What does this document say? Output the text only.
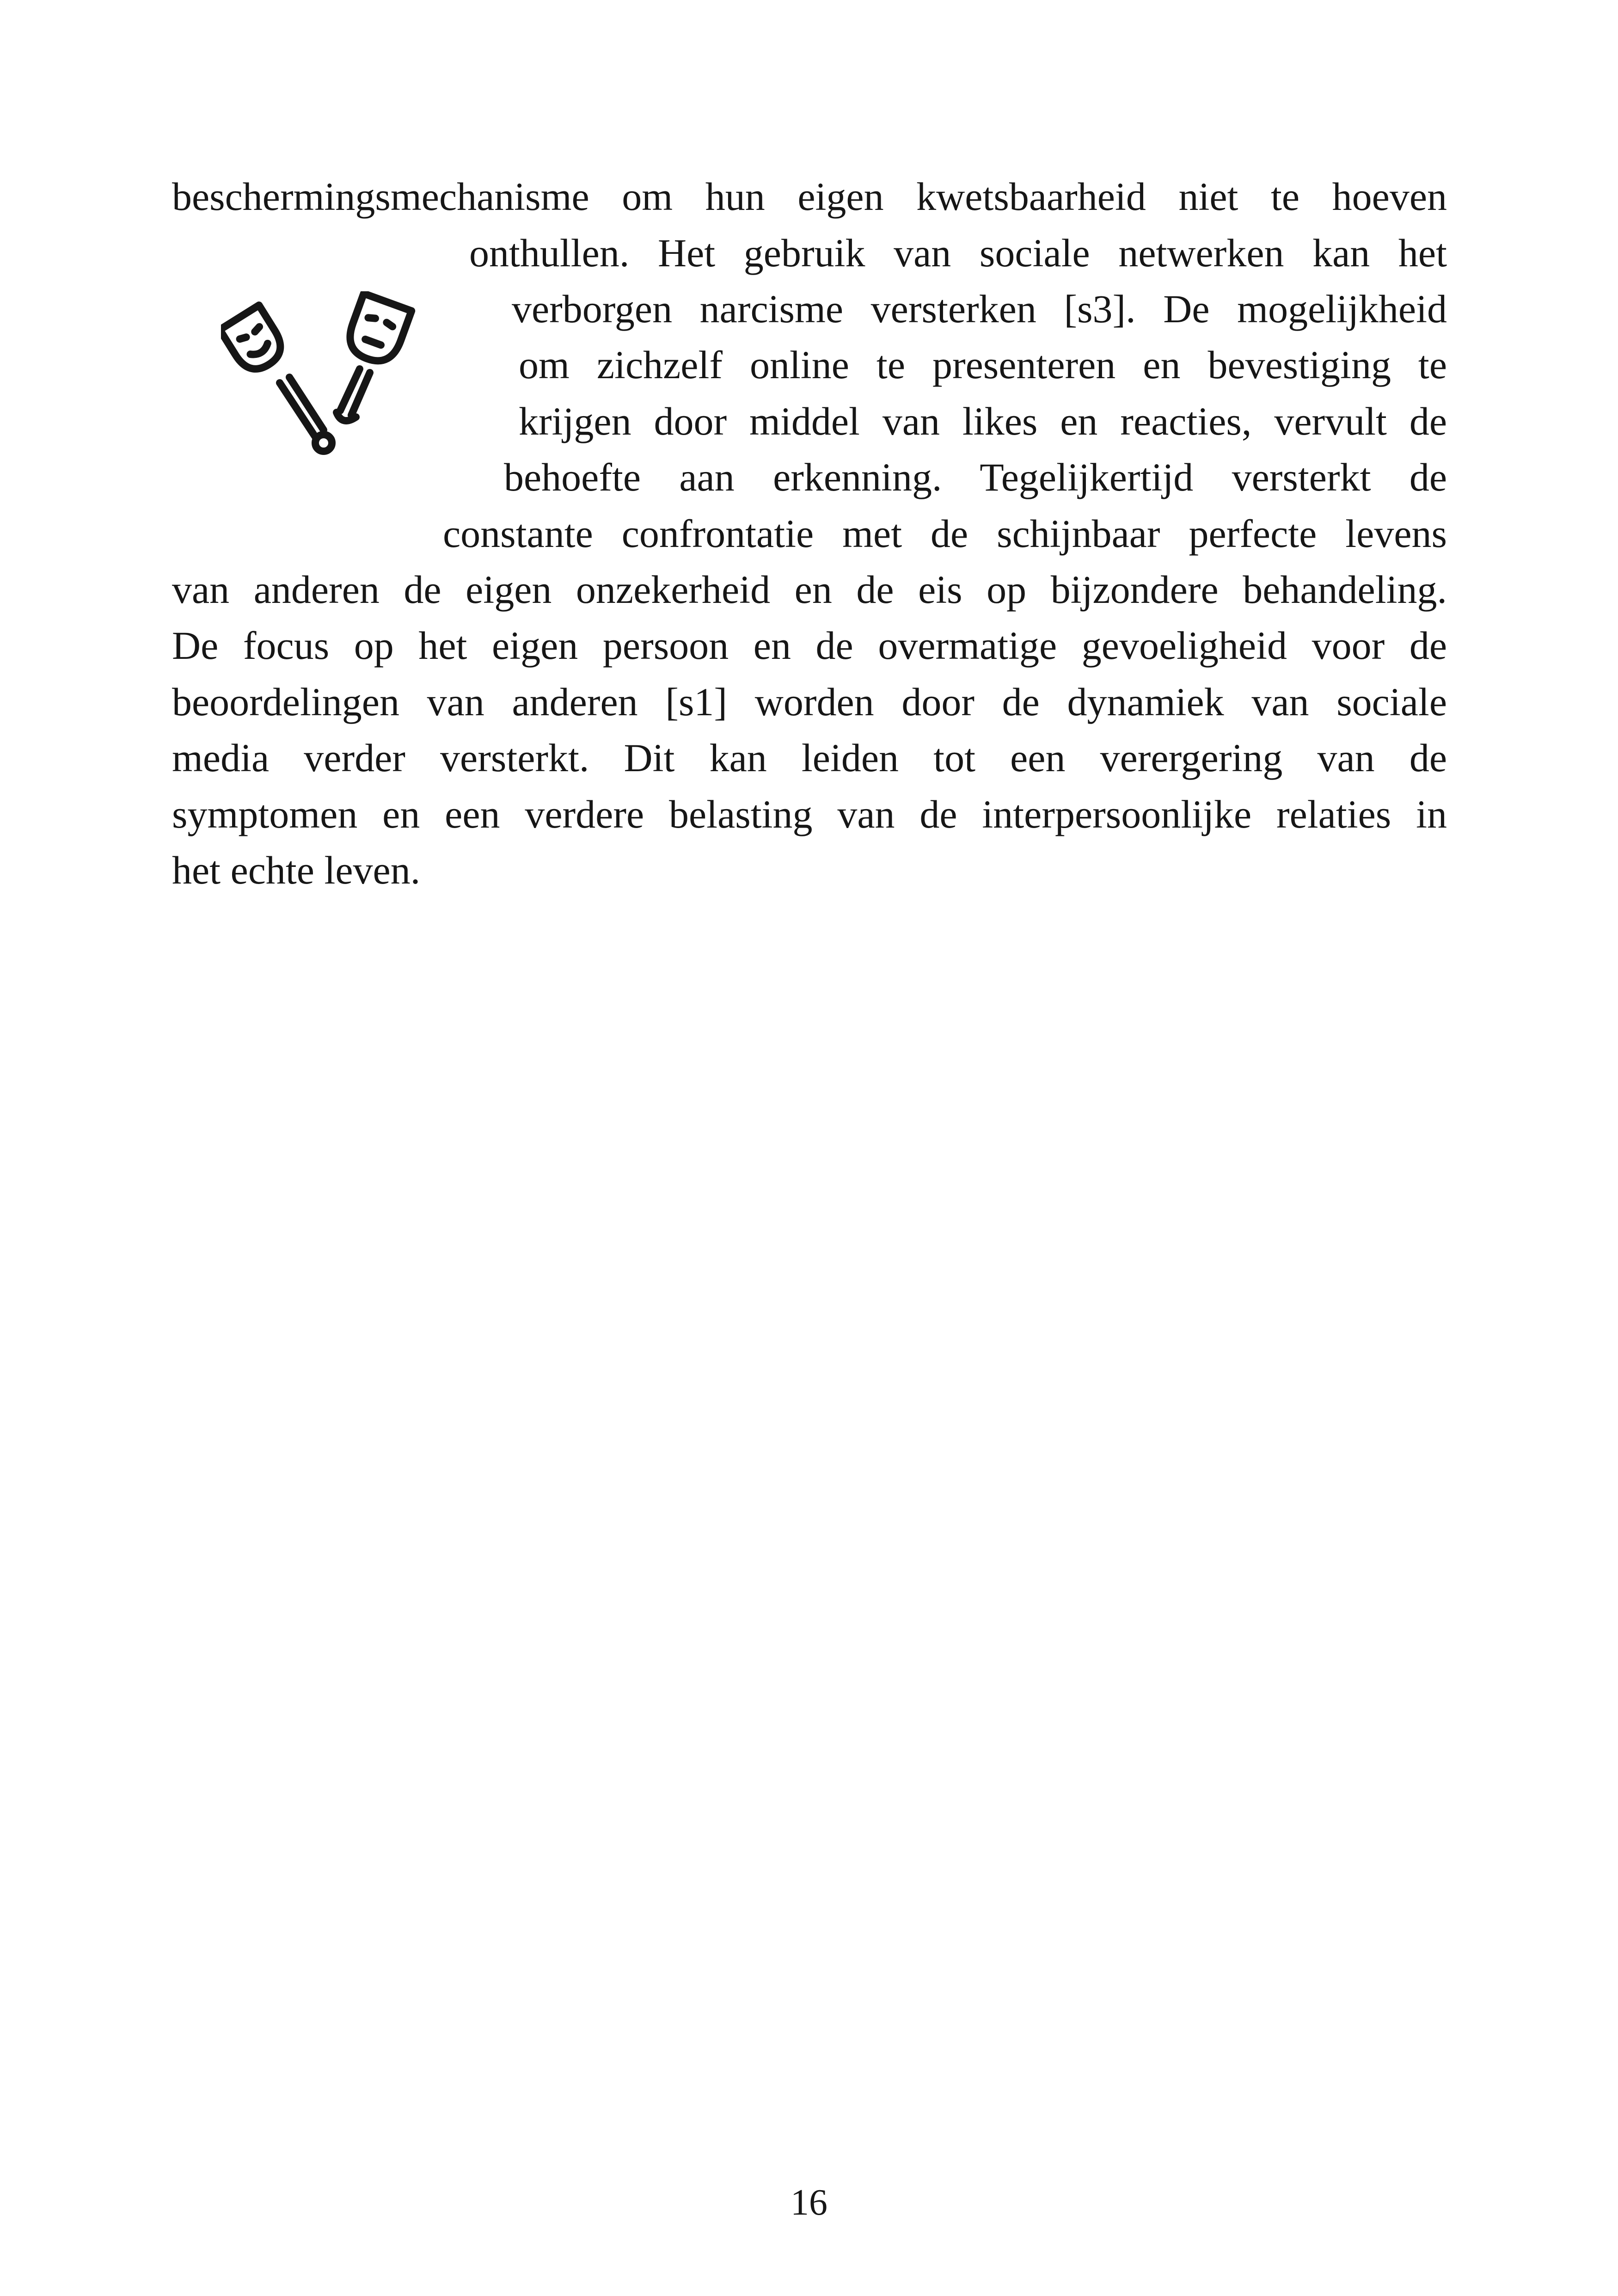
beschermingsmechanisme om hun eigen kwetsbaarheid niet te hoeven
onthullen. Het gebruik van sociale netwerken kan het
verborgen narcisme versterken [s3]. De mogelijkheid
om zichzelf online te presenteren en bevestiging te
krijgen door middel van likes en reacties, vervult de
behoefte aan erkenning. Tegelijkertijd versterkt de
constante confrontatie met de schijnbaar perfecte levens
van anderen de eigen onzekerheid en de eis op bijzondere behandeling.
De focus op het eigen persoon en de overmatige gevoeligheid voor de
beoordelingen van anderen [s1] worden door de dynamiek van sociale
media verder versterkt. Dit kan leiden tot een verergering van de
symptomen en een verdere belasting van de interpersoonlijke relaties in
het echte leven.
16
